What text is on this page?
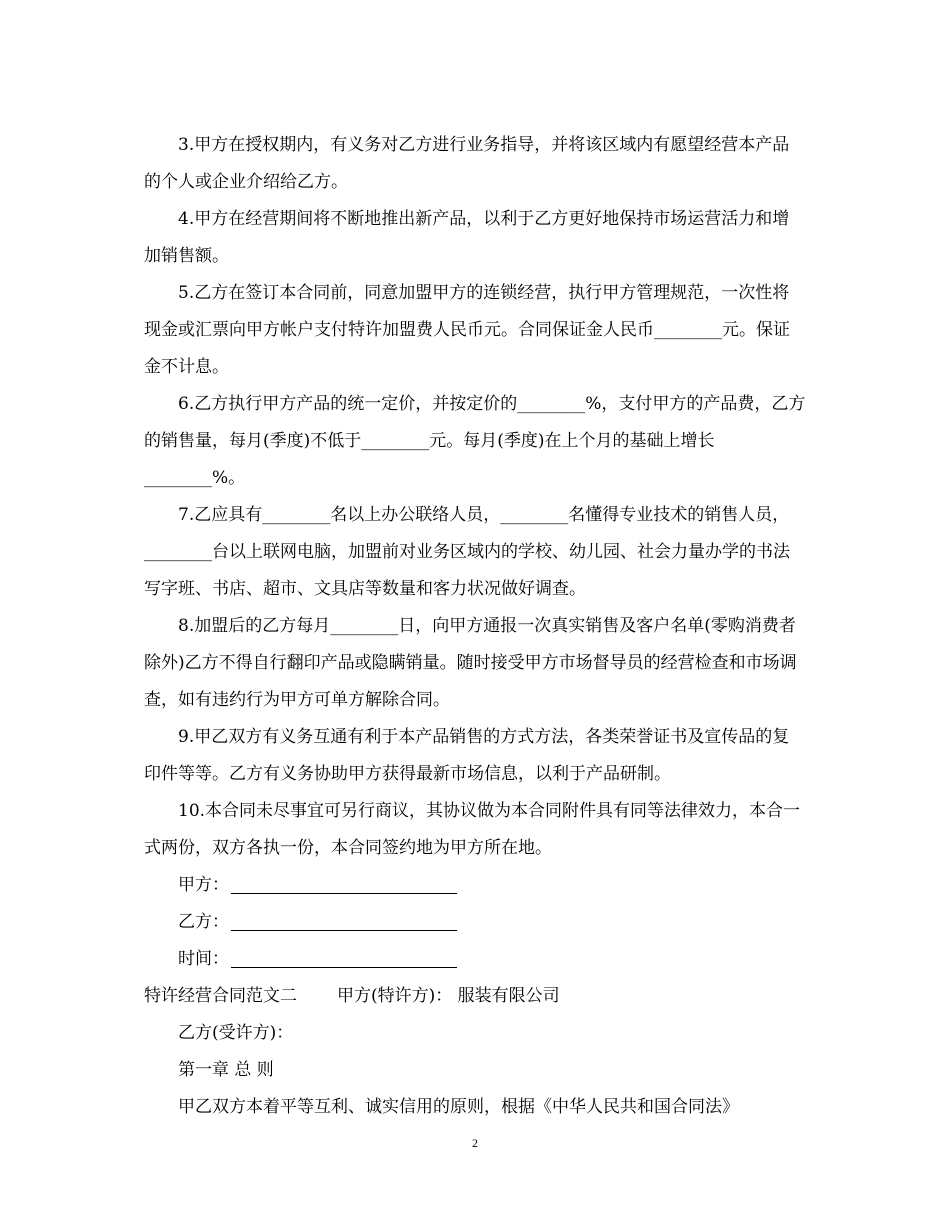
3.甲方在授权期内，有义务对乙方进行业务指导，并将该区域内有愿望经营本产品的个人或企业介绍给乙方。

4.甲方在经营期间将不断地推出新产品，以利于乙方更好地保持市场运营活力和增加销售额。

5.乙方在签订本合同前，同意加盟甲方的连锁经营，执行甲方管理规范，一次性将现金或汇票向甲方帐户支付特许加盟费人民币元。合同保证金人民币________元。保证金不计息。

6.乙方执行甲方产品的统一定价，并按定价的________%，支付甲方的产品费，乙方的销售量，每月(季度)不低于________元。每月(季度)在上个月的基础上增长________%。

7.乙应具有________名以上办公联络人员，________名懂得专业技术的销售人员，________台以上联网电脑，加盟前对业务区域内的学校、幼儿园、社会力量办学的书法写字班、书店、超市、文具店等数量和客力状况做好调查。

8.加盟后的乙方每月________日，向甲方通报一次真实销售及客户名单(零购消费者除外)乙方不得自行翻印产品或隐瞒销量。随时接受甲方市场督导员的经营检查和市场调查，如有违约行为甲方可单方解除合同。

9.甲乙双方有义务互通有利于本产品销售的方式方法，各类荣誉证书及宣传品的复印件等等。乙方有义务协助甲方获得最新市场信息，以利于产品研制。

10.本合同未尽事宜可另行商议，其协议做为本合同附件具有同等法律效力，本合一式两份，双方各执一份，本合同签约地为甲方所在地。

甲方：
乙方：
时间：
特许经营合同范文二 甲方(特许方)： 服装有限公司
乙方(受许方)：
第一章 总 则
甲乙双方本着平等互利、诚实信用的原则，根据《中华人民共和国合同法》
2
